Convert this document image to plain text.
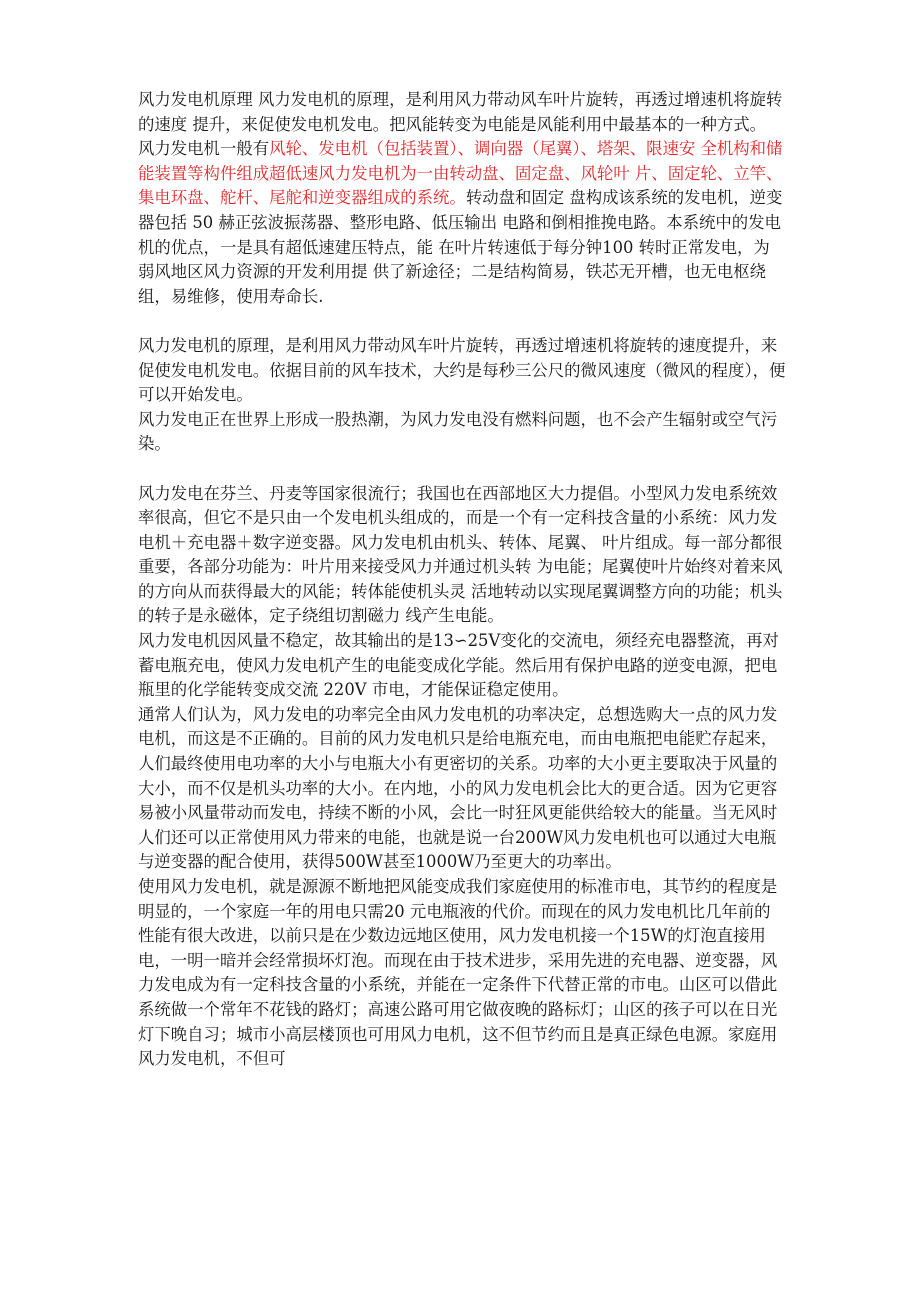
风力发电机原理 风力发电机的原理，是利用风力带动风车叶片旋转，再透过增速机将旋转的速度 提升，来促使发电机发电。把风能转变为电能是风能利用中最基本的一种方式。 风力发电机一般有风轮、发电机（包括装置）、调向器（尾翼）、塔架、限速安 全机构和储能装置等构件组成超低速风力发电机为一由转动盘、固定盘、风轮叶 片、固定轮、立竿、集电环盘、舵杆、尾舵和逆变器组成的系统。转动盘和固定 盘构成该系统的发电机，逆变器包括 50 赫正弦波振荡器、整形电路、低压输出 电路和倒相推挽电路。本系统中的发电机的优点，一是具有超低速建压特点，能 在叶片转速低于每分钟100 转时正常发电，为弱风地区风力资源的开发利用提 供了新途径；二是结构简易，铁芯无开槽，也无电枢绕组，易维修，使用寿命长.

风力发电机的原理，是利用风力带动风车叶片旋转，再透过增速机将旋转的速度提升，来促使发电机发电。依据目前的风车技术，大约是每秒三公尺的微风速度（微风的程度），便可以开始发电。

风力发电正在世界上形成一股热潮，为风力发电没有燃料问题，也不会产生辐射或空气污染。

风力发电在芬兰、丹麦等国家很流行；我国也在西部地区大力提倡。小型风力发电系统效率很高，但它不是只由一个发电机头组成的，而是一个有一定科技含量的小系统：风力发电机＋充电器＋数字逆变器。风力发电机由机头、转体、尾翼、 叶片组成。每一部分都很重要，各部分功能为：叶片用来接受风力并通过机头转 为电能；尾翼使叶片始终对着来风的方向从而获得最大的风能；转体能使机头灵 活地转动以实现尾翼调整方向的功能；机头的转子是永磁体，定子绕组切割磁力 线产生电能。

风力发电机因风量不稳定，故其输出的是13∽25V变化的交流电，须经充电器整流，再对蓄电瓶充电，使风力发电机产生的电能变成化学能。然后用有保护电路的逆变电源，把电瓶里的化学能转变成交流 220V 市电，才能保证稳定使用。

通常人们认为，风力发电的功率完全由风力发电机的功率决定，总想选购大一点的风力发电机，而这是不正确的。目前的风力发电机只是给电瓶充电，而由电瓶把电能贮存起来，人们最终使用电功率的大小与电瓶大小有更密切的关系。功率的大小更主要取决于风量的大小，而不仅是机头功率的大小。在内地，小的风力发电机会比大的更合适。因为它更容易被小风量带动而发电，持续不断的小风，会比一时狂风更能供给较大的能量。当无风时人们还可以正常使用风力带来的电能，也就是说一台200W风力发电机也可以通过大电瓶与逆变器的配合使用，获得500W甚至1000W乃至更大的功率出。

使用风力发电机，就是源源不断地把风能变成我们家庭使用的标准市电，其节约的程度是明显的，一个家庭一年的用电只需20 元电瓶液的代价。而现在的风力发电机比几年前的性能有很大改进，以前只是在少数边远地区使用，风力发电机接一个15W的灯泡直接用电，一明一暗并会经常损坏灯泡。而现在由于技术进步，采用先进的充电器、逆变器，风力发电成为有一定科技含量的小系统，并能在一定条件下代替正常的市电。山区可以借此系统做一个常年不花钱的路灯；高速公路可用它做夜晚的路标灯；山区的孩子可以在日光灯下晚自习；城市小高层楼顶也可用风力电机，这不但节约而且是真正绿色电源。家庭用风力发电机，不但可
